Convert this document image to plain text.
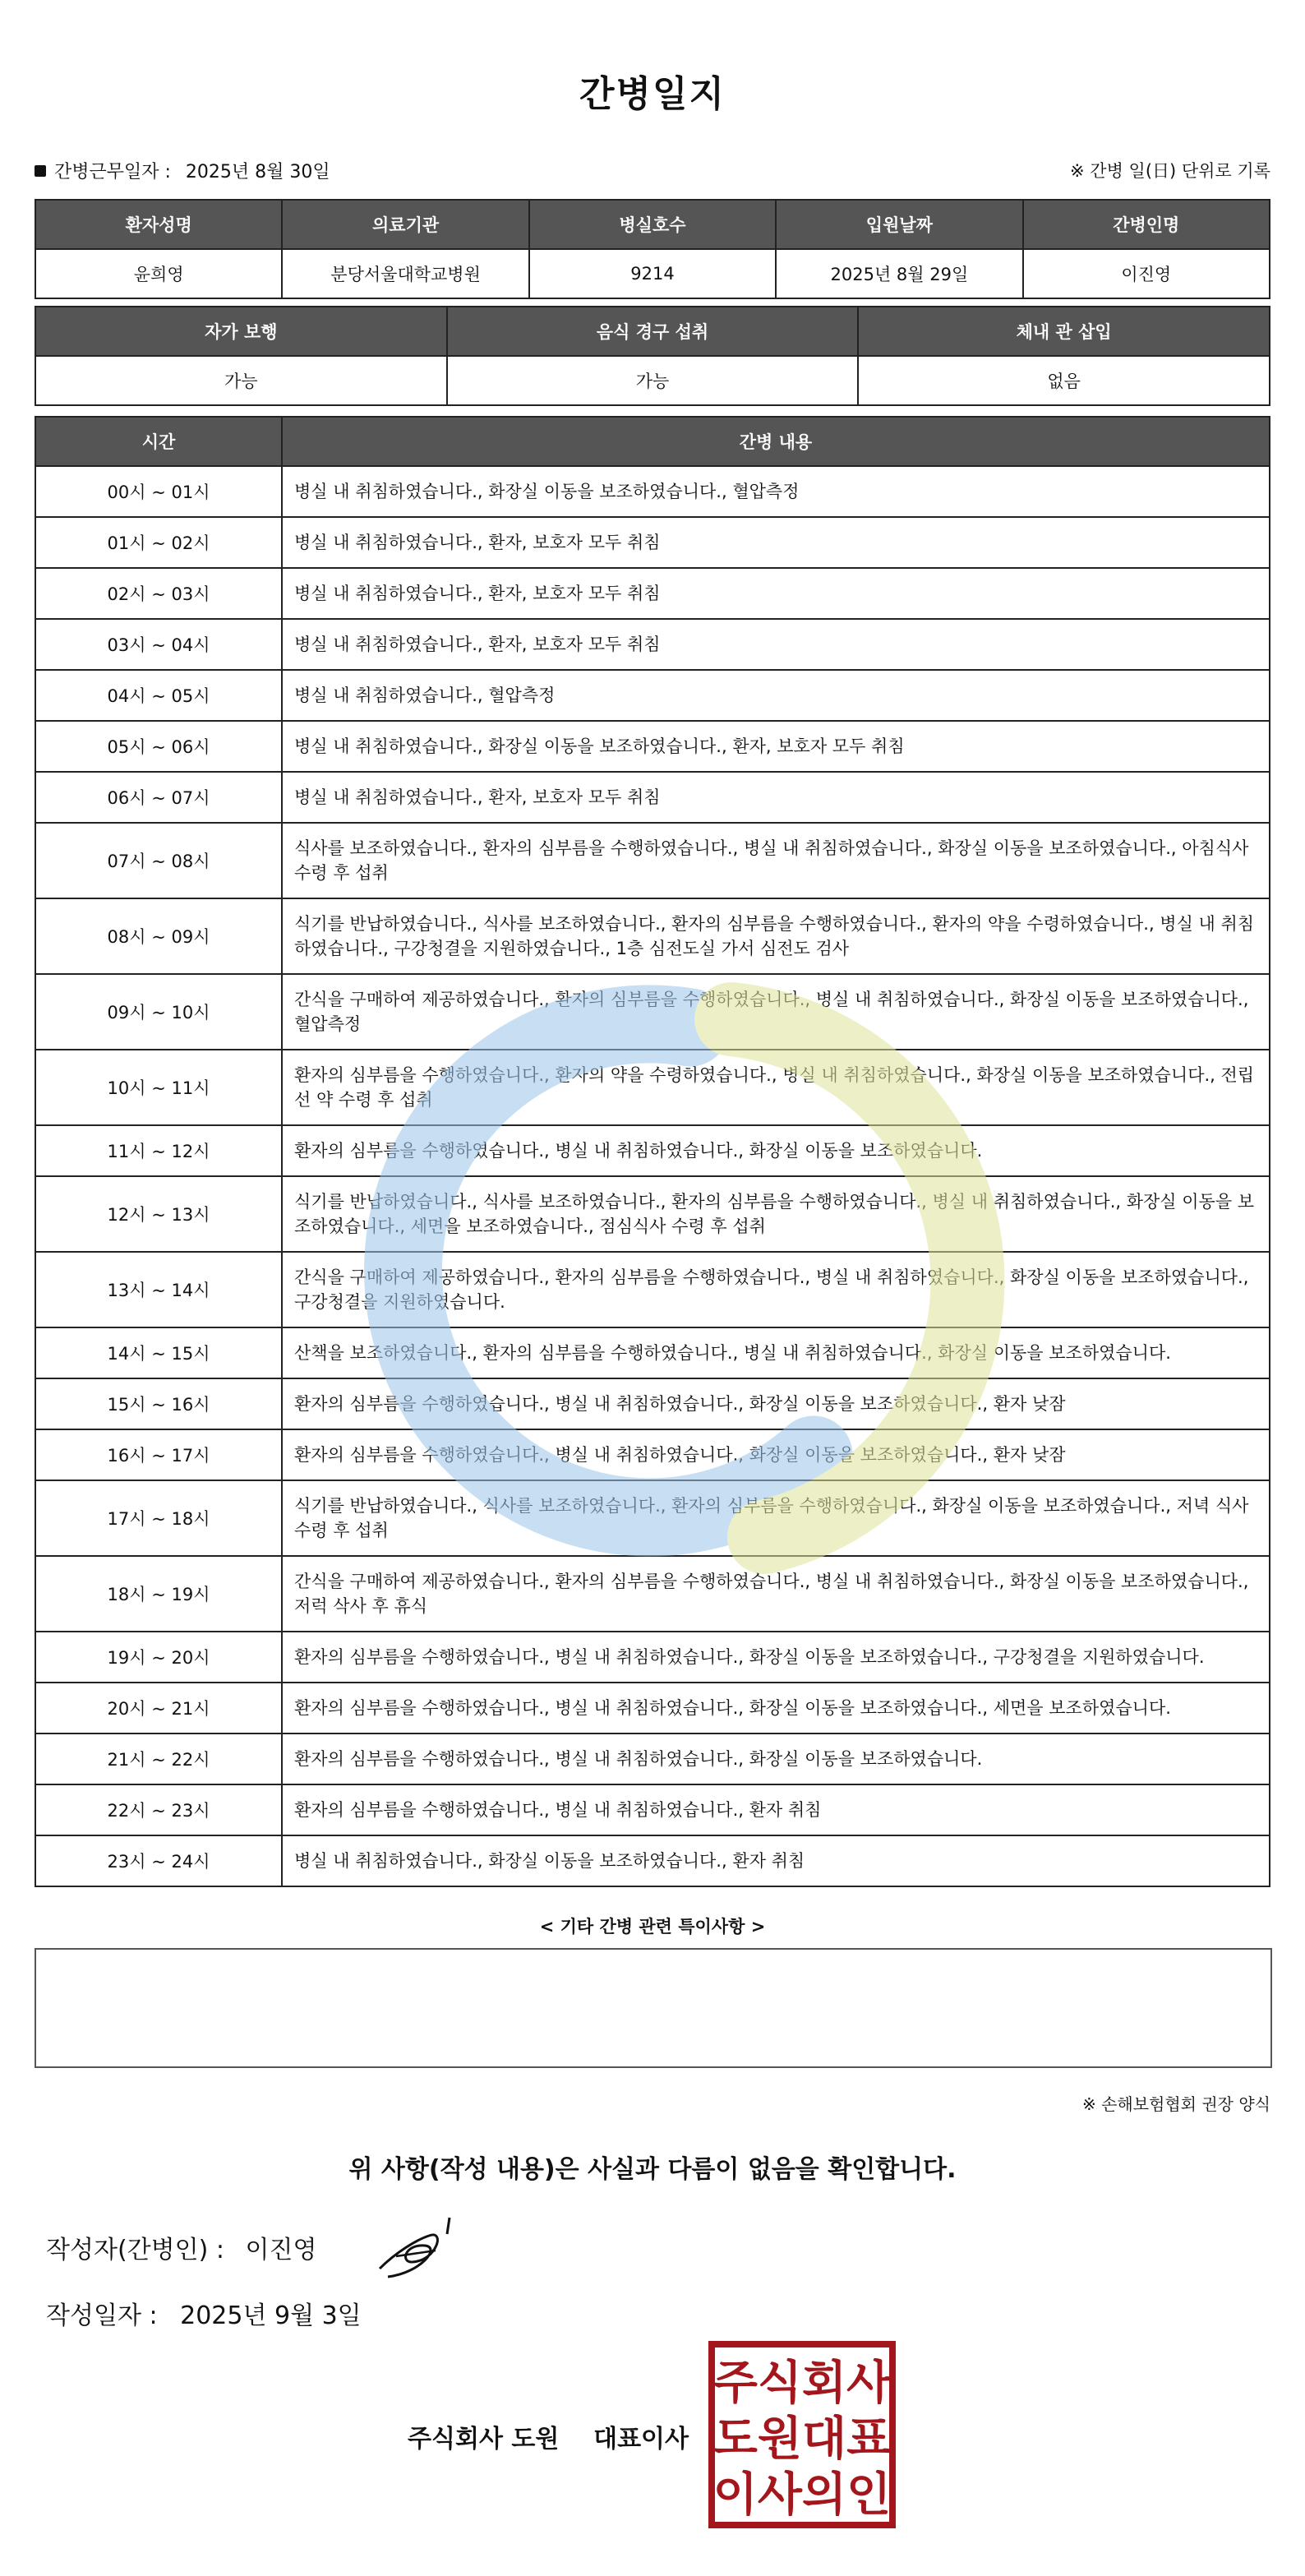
간병일지
간병근무일자 : 2025년 8월 30일	※ 간병 일(日) 단위로 기록
환자성명	의료기관	병실호수	입원날짜	간병인명
윤희영	분당서울대학교병원	9214	2025년 8월 29일	이진영
자가 보행	음식 경구 섭취	체내 관 삽입
가능	가능	없음
시간	간병 내용
00시 ~ 01시	병실 내 취침하였습니다., 화장실 이동을 보조하였습니다., 혈압측정
01시 ~ 02시	병실 내 취침하였습니다., 환자, 보호자 모두 취침
02시 ~ 03시	병실 내 취침하였습니다., 환자, 보호자 모두 취침
03시 ~ 04시	병실 내 취침하였습니다., 환자, 보호자 모두 취침
04시 ~ 05시	병실 내 취침하였습니다., 혈압측정
05시 ~ 06시	병실 내 취침하였습니다., 화장실 이동을 보조하였습니다., 환자, 보호자 모두 취침
06시 ~ 07시	병실 내 취침하였습니다., 환자, 보호자 모두 취침
07시 ~ 08시	식사를 보조하였습니다., 환자의 심부름을 수행하였습니다., 병실 내 취침하였습니다., 화장실 이동을 보조하였습니다., 아침식사 수령 후 섭취
08시 ~ 09시	식기를 반납하였습니다., 식사를 보조하였습니다., 환자의 심부름을 수행하였습니다., 환자의 약을 수령하였습니다., 병실 내 취침하였습니다., 구강청결을 지원하였습니다., 1층 심전도실 가서 심전도 검사
09시 ~ 10시	간식을 구매하여 제공하였습니다., 환자의 심부름을 수행하였습니다., 병실 내 취침하였습니다., 화장실 이동을 보조하였습니다., 혈압측정
10시 ~ 11시	환자의 심부름을 수행하였습니다., 환자의 약을 수령하였습니다., 병실 내 취침하였습니다., 화장실 이동을 보조하였습니다., 전립선 약 수령 후 섭취
11시 ~ 12시	환자의 심부름을 수행하였습니다., 병실 내 취침하였습니다., 화장실 이동을 보조하였습니다.
12시 ~ 13시	식기를 반납하였습니다., 식사를 보조하였습니다., 환자의 심부름을 수행하였습니다., 병실 내 취침하였습니다., 화장실 이동을 보조하였습니다., 세면을 보조하였습니다., 점심식사 수령 후 섭취
13시 ~ 14시	간식을 구매하여 제공하였습니다., 환자의 심부름을 수행하였습니다., 병실 내 취침하였습니다., 화장실 이동을 보조하였습니다., 구강청결을 지원하였습니다.
14시 ~ 15시	산책을 보조하였습니다., 환자의 심부름을 수행하였습니다., 병실 내 취침하였습니다., 화장실 이동을 보조하였습니다.
15시 ~ 16시	환자의 심부름을 수행하였습니다., 병실 내 취침하였습니다., 화장실 이동을 보조하였습니다., 환자 낮잠
16시 ~ 17시	환자의 심부름을 수행하였습니다., 병실 내 취침하였습니다., 화장실 이동을 보조하였습니다., 환자 낮잠
17시 ~ 18시	식기를 반납하였습니다., 식사를 보조하였습니다., 환자의 심부름을 수행하였습니다., 화장실 이동을 보조하였습니다., 저녁 식사 수령 후 섭취
18시 ~ 19시	간식을 구매하여 제공하였습니다., 환자의 심부름을 수행하였습니다., 병실 내 취침하였습니다., 화장실 이동을 보조하였습니다., 저럭 삭사 후 휴식
19시 ~ 20시	환자의 심부름을 수행하였습니다., 병실 내 취침하였습니다., 화장실 이동을 보조하였습니다., 구강청결을 지원하였습니다.
20시 ~ 21시	환자의 심부름을 수행하였습니다., 병실 내 취침하였습니다., 화장실 이동을 보조하였습니다., 세면을 보조하였습니다.
21시 ~ 22시	환자의 심부름을 수행하였습니다., 병실 내 취침하였습니다., 화장실 이동을 보조하였습니다.
22시 ~ 23시	환자의 심부름을 수행하였습니다., 병실 내 취침하였습니다., 환자 취침
23시 ~ 24시	병실 내 취침하였습니다., 화장실 이동을 보조하였습니다., 환자 취침
< 기타 간병 관련 특이사항 >
※ 손해보험협회 권장 양식
위 사항(작성 내용)은 사실과 다름이 없음을 확인합니다.
작성자(간병인) : 이진영
작성일자 : 2025년 9월 3일
주식회사 도원    대표이사
주식회사
도원대표
이사의인
